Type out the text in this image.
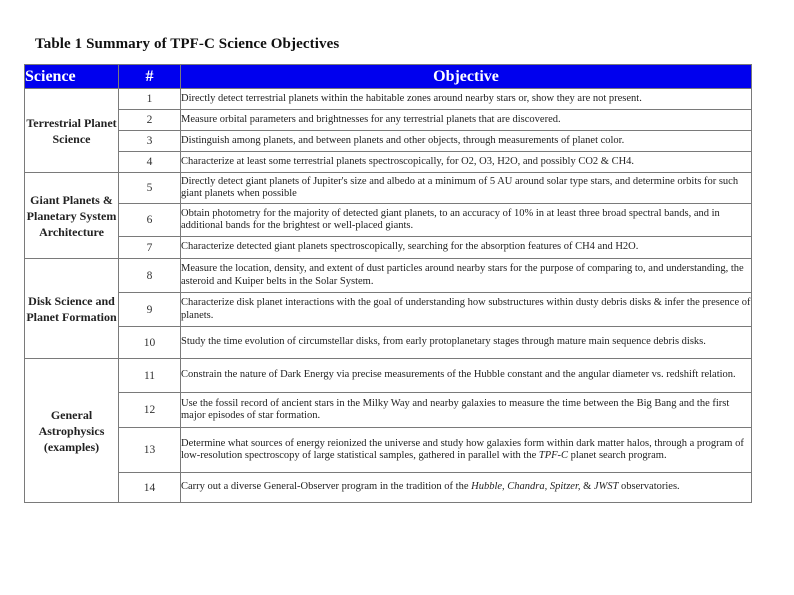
Table 1 Summary of TPF-C Science Objectives
Science	#	Objective
Terrestrial Planet Science	1	Directly detect terrestrial planets within the habitable zones around nearby stars or, show they are not present.
	2	Measure orbital parameters and brightnesses for any terrestrial planets that are discovered.
	3	Distinguish among planets, and between planets and other objects, through measurements of planet color.
	4	Characterize at least some terrestrial planets spectroscopically, for O2, O3, H2O, and possibly CO2 & CH4.
Giant Planets & Planetary System Architecture	5	Directly detect giant planets of Jupiter's size and albedo at a minimum of 5 AU around solar type stars, and determine orbits for such giant planets when possible
	6	Obtain photometry for the majority of detected giant planets, to an accuracy of 10% in at least three broad spectral bands, and in additional bands for the brightest or well-placed giants.
	7	Characterize detected giant planets spectroscopically, searching for the absorption features of CH4 and H2O.
Disk Science and Planet Formation	8	Measure the location, density, and extent of dust particles around nearby stars for the purpose of comparing to, and understanding, the asteroid and Kuiper belts in the Solar System.
	9	Characterize disk planet interactions with the goal of understanding how substructures within dusty debris disks & infer the presence of planets.
	10	Study the time evolution of circumstellar disks, from early protoplanetary stages through mature main sequence debris disks.
General Astrophysics (examples)	11	Constrain the nature of Dark Energy via precise measurements of the Hubble constant and the angular diameter vs. redshift relation.
	12	Use the fossil record of ancient stars in the Milky Way and nearby galaxies to measure the time between the Big Bang and the first major episodes of star formation.
	13	Determine what sources of energy reionized the universe and study how galaxies form within dark matter halos, through a program of low-resolution spectroscopy of large statistical samples, gathered in parallel with the TPF-C planet search program.
	14	Carry out a diverse General-Observer program in the tradition of the Hubble, Chandra, Spitzer, & JWST observatories.
